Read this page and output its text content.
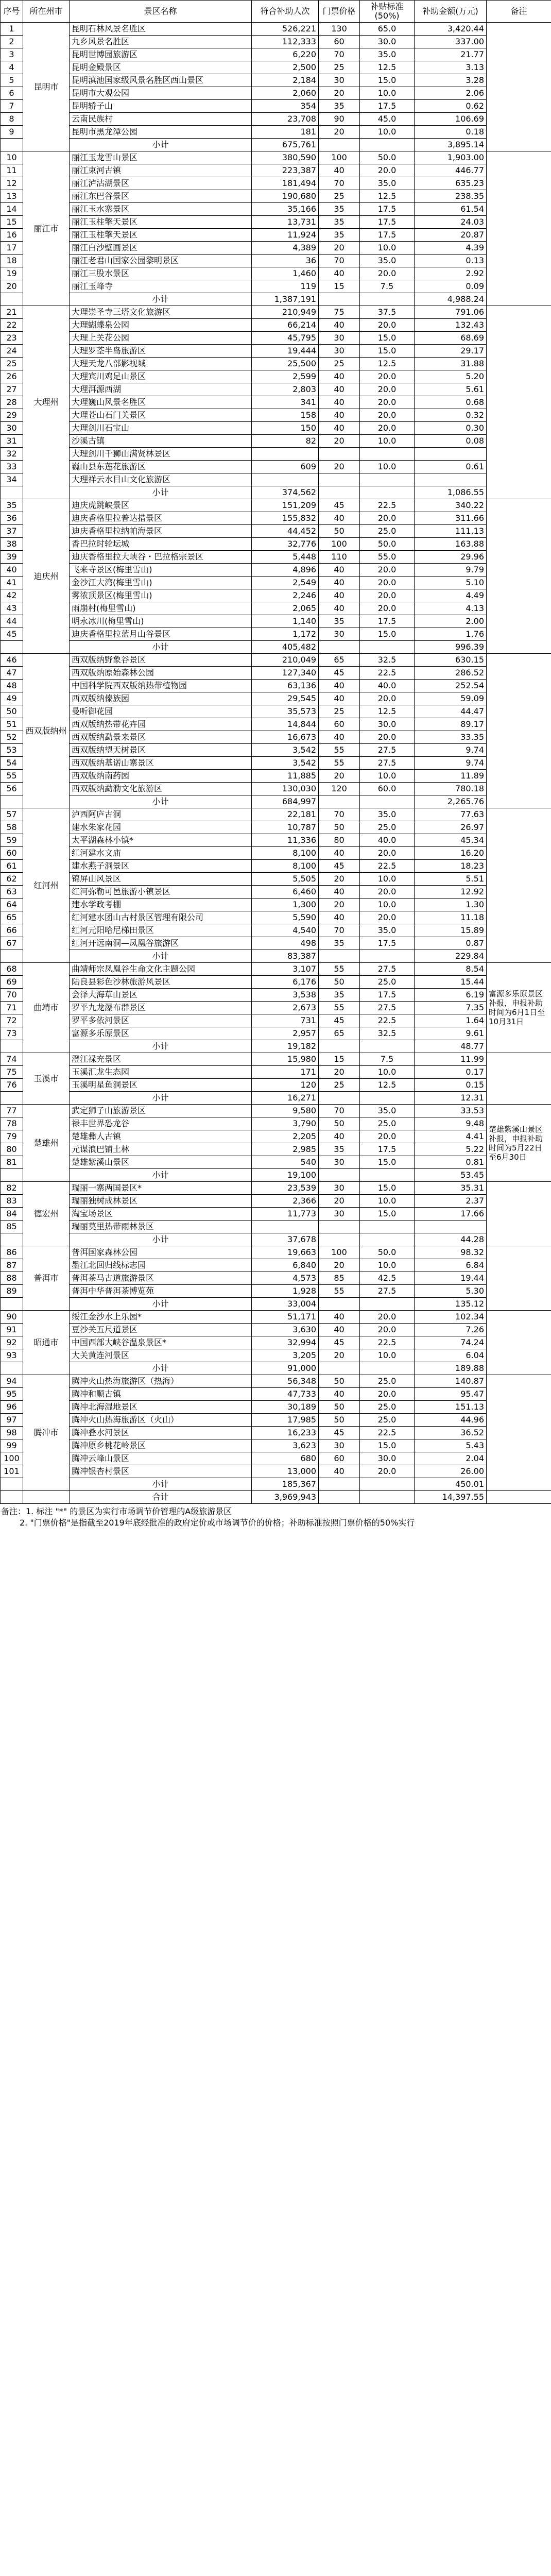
序号	所在州市	景区名称	符合补助人次	门票价格	补贴标准(50%)	补助金额(万元)	备注
1	昆明市	昆明石林风景名胜区	526,221	130	65.0	3,420.44	
2		九乡风景名胜区	112,333	60	30.0	337.00	
3		昆明世博园旅游区	6,220	70	35.0	21.77	
4		昆明金殿景区	2,500	25	12.5	3.13	
5		昆明滇池国家级风景名胜区西山景区	2,184	30	15.0	3.28	
6		昆明市大观公园	2,060	20	10.0	2.06	
7		昆明轿子山	354	35	17.5	0.62	
8		云南民族村	23,708	90	45.0	106.69	
9		昆明市黑龙潭公园	181	20	10.0	0.18	
		小计	675,761			3,895.14	
10	丽江市	丽江玉龙雪山景区	380,590	100	50.0	1,903.00	
11		丽江束河古镇	223,387	40	20.0	446.77	
12		丽江泸沽湖景区	181,494	70	35.0	635.23	
13		丽江东巴谷景区	190,680	25	12.5	238.35	
14		丽江玉水寨景区	35,166	35	17.5	61.54	
15		丽江玉柱擎天景区	13,731	35	17.5	24.03	
16		丽江玉柱擎天景区	11,924	35	17.5	20.87	
17		丽江白沙壁画景区	4,389	20	10.0	4.39	
18		丽江老君山国家公园黎明景区	36	70	35.0	0.13	
19		丽江三股水景区	1,460	40	20.0	2.92	
20		丽江玉峰寺	119	15	7.5	0.09	
		小计	1,387,191			4,988.24	
21	大理州	大理崇圣寺三塔文化旅游区	210,949	75	37.5	791.06	
22		大理蝴蝶泉公园	66,214	40	20.0	132.43	
23		大理上关花公园	45,795	30	15.0	68.69	
24		大理罗荃半岛旅游区	19,444	30	15.0	29.17	
25		大理天龙八部影视城	25,500	25	12.5	31.88	
26		大理宾川鸡足山景区	2,599	40	20.0	5.20	
27		大理洱源西湖	2,803	40	20.0	5.61	
28		大理巍山风景名胜区	341	40	20.0	0.68	
29		大理苍山石门关景区	158	40	20.0	0.32	
30		大理剑川石宝山	150	40	20.0	0.30	
31		沙溪古镇	82	20	10.0	0.08	
32		大理剑川千狮山满贤林景区					
33		巍山县东莲花旅游区	609	20	10.0	0.61	
34		大理祥云水目山文化旅游区					
		小计	374,562			1,086.55	
35	迪庆州	迪庆虎跳峡景区	151,209	45	22.5	340.22	
36		迪庆香格里拉普达措景区	155,832	40	20.0	311.66	
37		迪庆香格里拉纳帕海景区	44,452	50	25.0	111.13	
38		香巴拉时轮坛城	32,776	100	50.0	163.88	
39		迪庆香格里拉大峡谷・巴拉格宗景区	5,448	110	55.0	29.96	
40		飞来寺景区(梅里雪山)	4,896	40	20.0	9.79	
41		金沙江大湾(梅里雪山)	2,549	40	20.0	5.10	
42		雾浓顶景区(梅里雪山)	2,246	40	20.0	4.49	
43		雨崩村(梅里雪山)	2,065	40	20.0	4.13	
44		明永冰川(梅里雪山)	1,140	35	17.5	2.00	
45		迪庆香格里拉蓝月山谷景区	1,172	30	15.0	1.76	
		小计	405,482			996.39	
46	西双版纳州	西双版纳野象谷景区	210,049	65	32.5	630.15	
47		西双版纳原始森林公园	127,340	45	22.5	286.52	
48		中国科学院西双版纳热带植物园	63,136	40	40.0	252.54	
49		西双版纳傣族园	29,545	40	20.0	59.09	
50		曼听御花园	35,573	25	12.5	44.47	
51		西双版纳热带花卉园	14,844	60	30.0	89.17	
52		西双版纳勐景来景区	16,673	40	20.0	33.35	
53		西双版纳望天树景区	3,542	55	27.5	9.74	
54		西双版纳基诺山寨景区	3,542	55	27.5	9.74	
55		西双版纳南药园	11,885	20	10.0	11.89	
56		西双版纳勐泐文化旅游区	130,030	120	60.0	780.18	
		小计	684,997			2,265.76	
57	红河州	泸西阿庐古洞	22,181	70	35.0	77.63	
58		建水朱家花园	10,787	50	25.0	26.97	
59		太平湖森林小镇*	11,336	80	40.0	45.34	
60		红河建水文庙	8,100	40	20.0	16.20	
61		建水燕子洞景区	8,100	45	22.5	18.23	
62		锦屏山风景区	5,505	20	10.0	5.51	
63		红河弥勒可邑旅游小镇景区	6,460	40	20.0	12.92	
64		建水学政考棚	1,300	20	10.0	1.30	
65		红河建水团山古村景区管理有限公司	5,590	40	20.0	11.18	
66		红河元阳哈尼梯田景区	4,540	70	35.0	15.89	
67		红河开远南洞—凤凰谷旅游区	498	35	17.5	0.87	
		小计	83,387			229.84	
68	曲靖市	曲靖师宗凤凰谷生命文化主题公园	3,107	55	27.5	8.54	富源多乐原景区补报，申报补助时间为6月1日至10月31日
69		陆良县彩色沙林旅游风景区	6,176	50	25.0	15.44	
70		会泽大海草山景区	3,538	35	17.5	6.19	
71		罗平九龙瀑布群景区	2,673	55	27.5	7.35	
72		罗平多依河景区	731	45	22.5	1.64	
73		富源多乐原景区	2,957	65	32.5	9.61	
		小计	19,182			48.77	
74	玉溪市	澄江禄充景区	15,980	15	7.5	11.99	
75		玉溪汇龙生态园	171	20	10.0	0.17	
76		玉溪明星鱼洞景区	120	25	12.5	0.15	
		小计	16,271			12.31	
77	楚雄州	武定狮子山旅游景区	9,580	70	35.0	33.53	楚雄紫溪山景区补报，申报补助时间为5月22日至6月30日
78		禄丰世界恐龙谷	3,790	50	25.0	9.48	
79		楚雄彝人古镇	2,205	40	20.0	4.41	
80		元谋浪巴铺土林	2,985	35	17.5	5.22	
81		楚雄紫溪山景区	540	30	15.0	0.81	
		小计	19,100			53.45	
82	德宏州	瑞丽一寨两国景区*	23,539	30	15.0	35.31	
83		瑞丽独树成林景区	2,366	20	10.0	2.37	
84		淘宝场景区	11,773	30	15.0	17.66	
85		瑞丽莫里热带雨林景区					
		小计	37,678			44.28	
86	普洱市	普洱国家森林公园	19,663	100	50.0	98.32	
87		墨江北回归线标志园	6,840	20	10.0	6.84	
88		普洱茶马古道旅游景区	4,573	85	42.5	19.44	
89		普洱中华普洱茶博览苑	1,928	55	27.5	5.30	
		小计	33,004			135.12	
90	昭通市	绥江金沙水上乐园*	51,171	40	20.0	102.34	
91		豆沙关五尺道景区	3,630	40	20.0	7.26	
92		中国西部大峡谷温泉景区*	32,994	45	22.5	74.24	
93		大关黄连河景区	3,205	20	10.0	6.04	
		小计	91,000			189.88	
94	腾冲市	腾冲火山热海旅游区（热海）	56,348	50	25.0	140.87	
95		腾冲和顺古镇	47,733	40	20.0	95.47	
96		腾冲北海湿地景区	30,189	50	25.0	151.13	
97		腾冲火山热海旅游区（火山）	17,985	50	25.0	44.96	
98		腾冲叠水河景区	16,233	45	22.5	36.52	
99		腾冲原乡桃花岭景区	3,623	30	15.0	5.43	
100		腾冲云峰山景区	680	60	30.0	2.04	
101		腾冲银杏村景区	13,000	40	20.0	26.00	
		小计	185,367			450.01	
		合计	3,969,943			14,397.55	
备注：1. 标注 "*" 的景区为实行市场调节价管理的A级旅游景区
2. "门票价格"是指截至2019年底经批准的政府定价或市场调节价的价格；补助标准按照门票价格的50%实行
